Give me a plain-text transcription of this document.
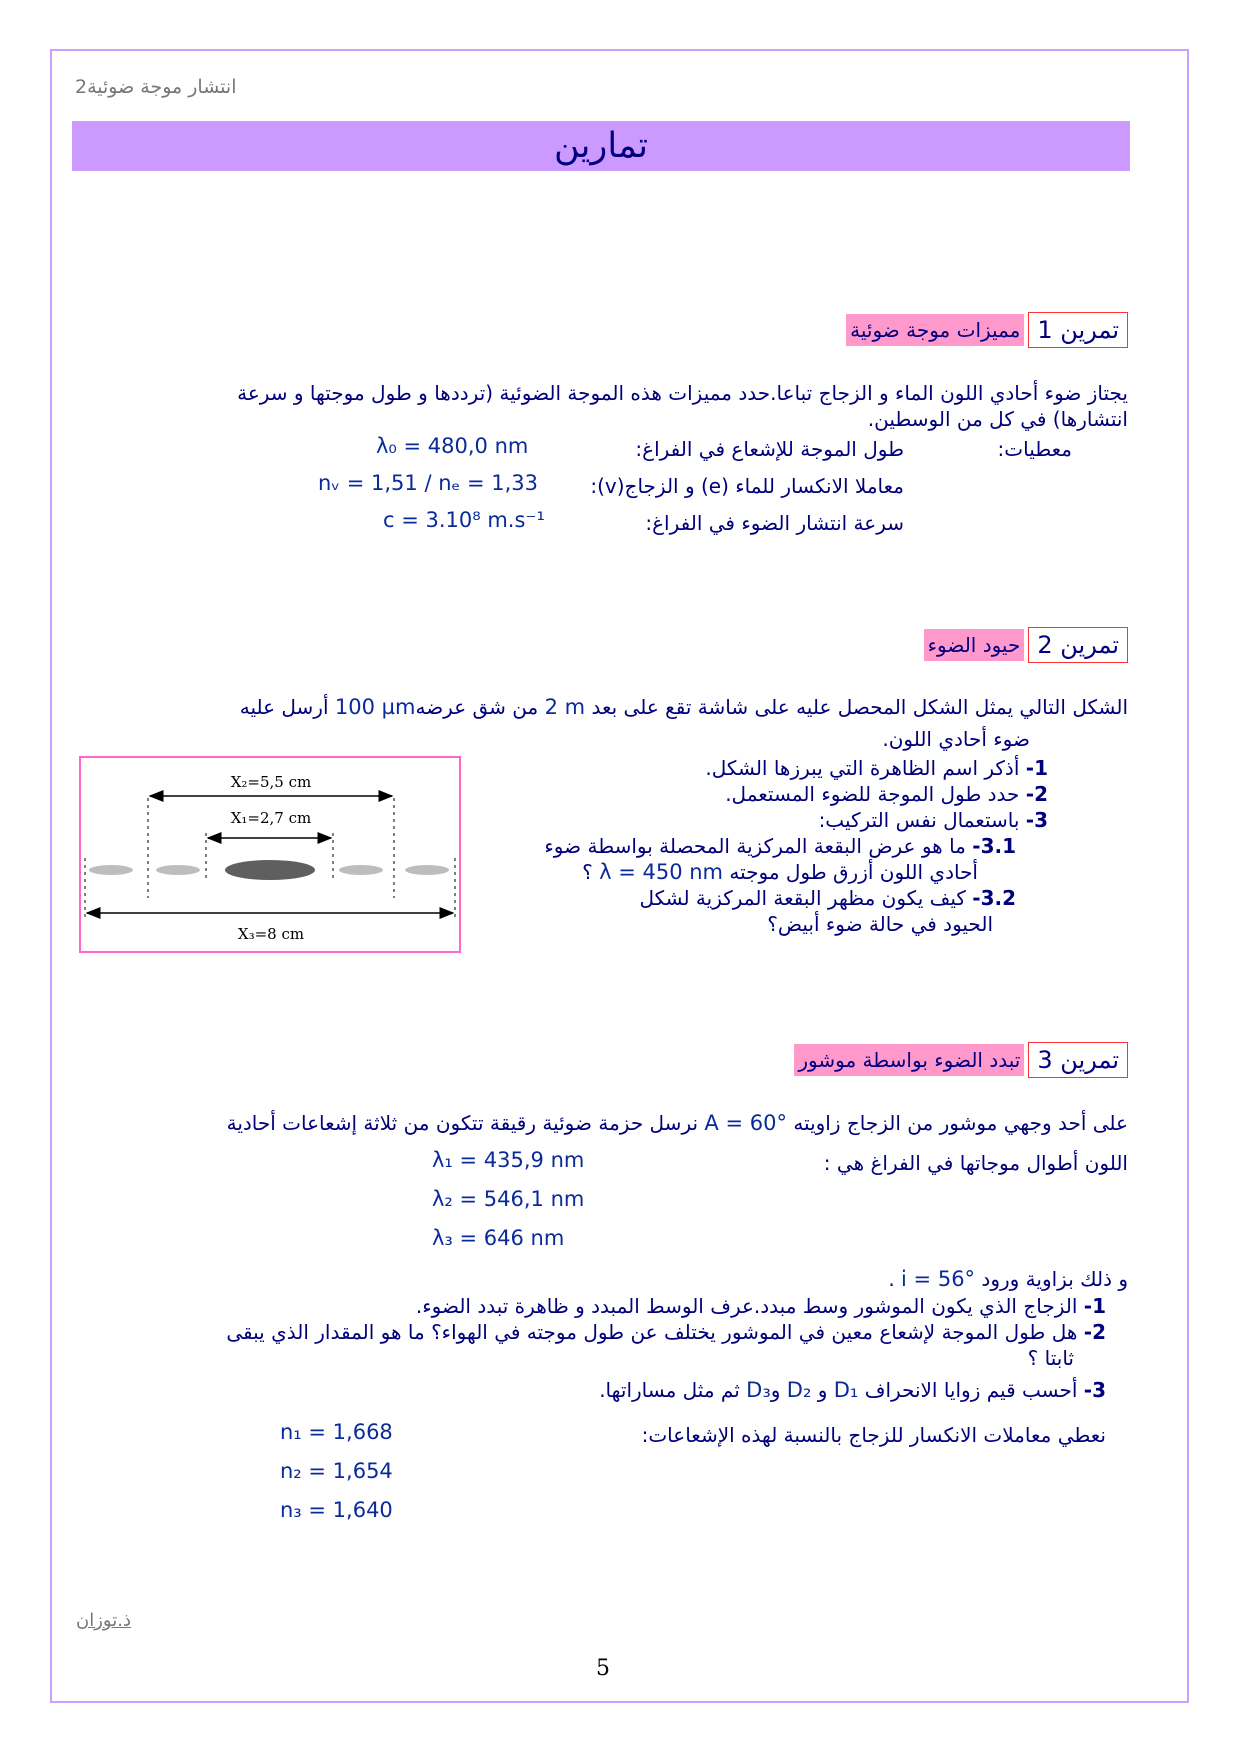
انتشار موجة ضوئية2
تمارين
تمرين 1
مميزات موجة ضوئية
يجتاز ضوء أحادي اللون الماء و الزجاج تباعا.حدد مميزات هذه الموجة الضوئية (ترددها و طول موجتها و سرعة
انتشارها) في كل من الوسطين.
معطيات:
طول الموجة للإشعاع في الفراغ:
λ₀ = 480,0 nm
معاملا الانكسار للماء (e) و الزجاج(v):
nᵥ = 1,51 / nₑ = 1,33
سرعة انتشار الضوء في الفراغ:
c = 3.10⁸ m.s⁻¹
تمرين 2
حيود الضوء
الشكل التالي يمثل الشكل المحصل عليه على شاشة تقع على بعد 2 m من شق عرضه100 µm أرسل عليه
ضوء أحادي اللون.
1- أذكر اسم الظاهرة التي يبرزها الشكل.
2- حدد طول الموجة للضوء المستعمل.
3- باستعمال نفس التركيب:
3.1- ما هو عرض البقعة المركزية المحصلة بواسطة ضوء
أحادي اللون أزرق طول موجته λ = 450 nm ؟
3.2- كيف يكون مظهر البقعة المركزية لشكل
الحيود في حالة ضوء أبيض؟
X₂=5,5 cm
X₁=2,7 cm
X₃=8 cm
تمرين 3
تبدد الضوء بواسطة موشور
على أحد وجهي موشور من الزجاج زاويته A = 60° نرسل حزمة ضوئية رقيقة تتكون من ثلاثة إشعاعات أحادية
اللون أطوال موجاتها في الفراغ هي :
λ₁ = 435,9 nm
λ₂ = 546,1 nm
λ₃ = 646 nm
و ذلك بزاوية ورود i = 56° .
1- الزجاج الذي يكون الموشور وسط مبدد.عرف الوسط المبدد و ظاهرة تبدد الضوء.
2- هل طول الموجة لإشعاع معين في الموشور يختلف عن طول موجته في الهواء؟ ما هو المقدار الذي يبقى
ثابتا ؟
3- أحسب قيم زوايا الانحراف D₁ و D₂ وD₃ ثم مثل مساراتها.
نعطي معاملات الانكسار للزجاج بالنسبة لهذه الإشعاعات:
n₁ = 1,668
n₂ = 1,654
n₃ = 1,640
ذ.توزان
5
